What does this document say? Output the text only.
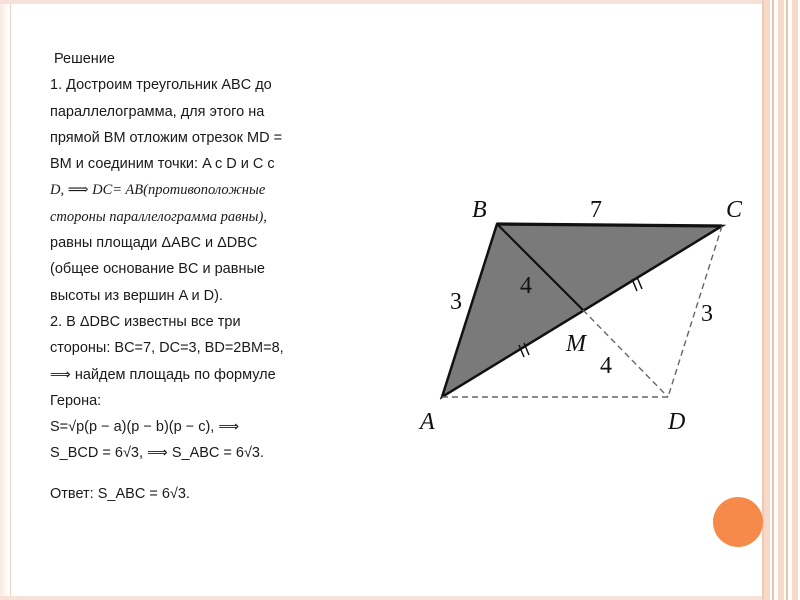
Решение
1. Достроим треугольник ABC до
параллелограмма, для этого на
прямой BM отложим отрезок MD =
BM и соединим точки: A с D и C с
D, ⟹ DC= AB(противоположные
стороны параллелограмма равны),
равны площади ΔABC и ΔDBC
(общее основание BC и равные
высоты из вершин A и D).
2. В ΔDBC известны все три
стороны: BC=7, DC=3, BD=2BM=8,
⟹ найдем площадь по формуле
Герона:
S=√p(p − a)(p − b)(p − c), ⟹
S_BCD = 6√3, ⟹ S_ABC = 6√3.
Ответ: S_ABC = 6√3.
B	C
A	D
M
7
3
4
4
3
